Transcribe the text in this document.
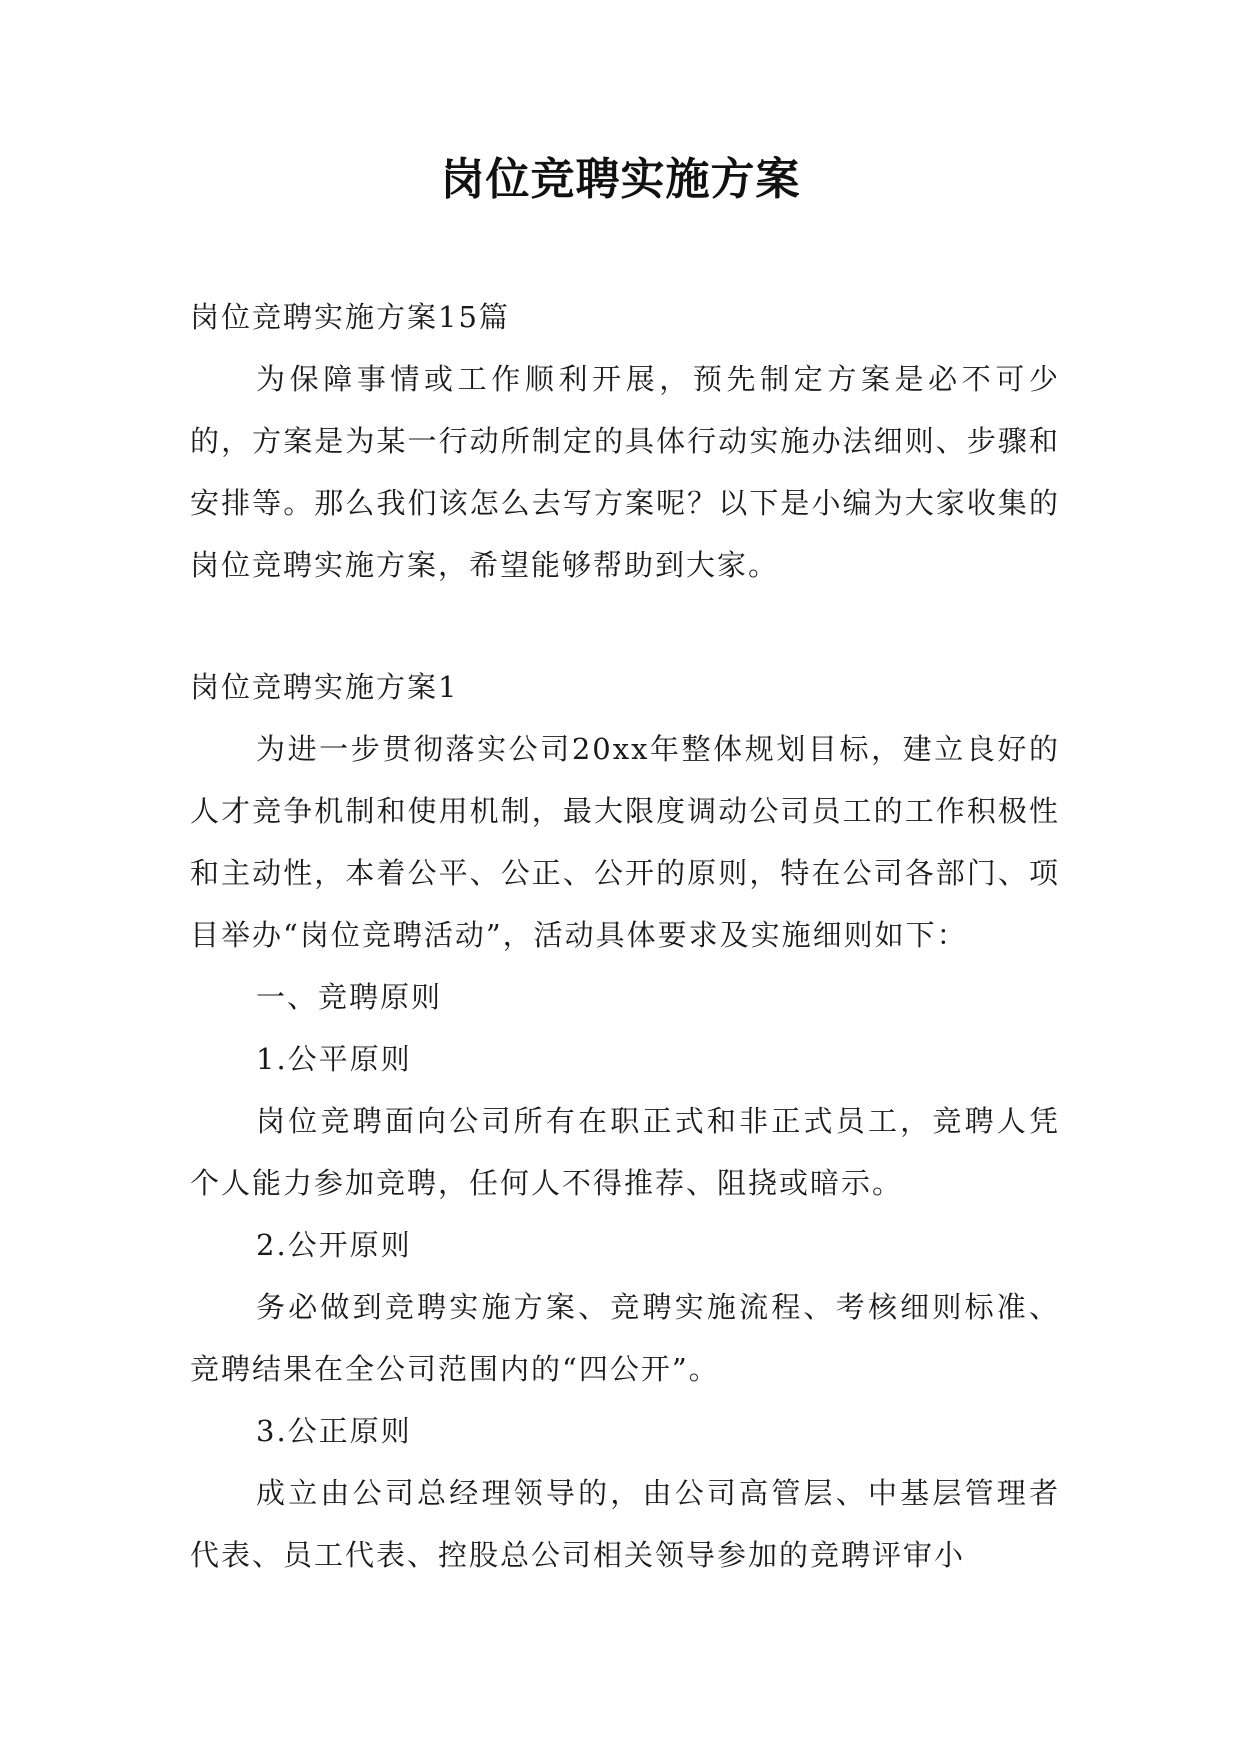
岗位竞聘实施方案

岗位竞聘实施方案15篇

为保障事情或工作顺利开展，预先制定方案是必不可少的，方案是为某一行动所制定的具体行动实施办法细则、步骤和安排等。那么我们该怎么去写方案呢？以下是小编为大家收集的岗位竞聘实施方案，希望能够帮助到大家。

岗位竞聘实施方案1

为进一步贯彻落实公司20xx年整体规划目标，建立良好的人才竞争机制和使用机制，最大限度调动公司员工的工作积极性和主动性，本着公平、公正、公开的原则，特在公司各部门、项目举办“岗位竞聘活动”，活动具体要求及实施细则如下：

一、竞聘原则

1.公平原则

岗位竞聘面向公司所有在职正式和非正式员工，竞聘人凭个人能力参加竞聘，任何人不得推荐、阻挠或暗示。

2.公开原则

务必做到竞聘实施方案、竞聘实施流程、考核细则标准、竞聘结果在全公司范围内的“四公开”。

3.公正原则

成立由公司总经理领导的，由公司高管层、中基层管理者代表、员工代表、控股总公司相关领导参加的竞聘评审小
